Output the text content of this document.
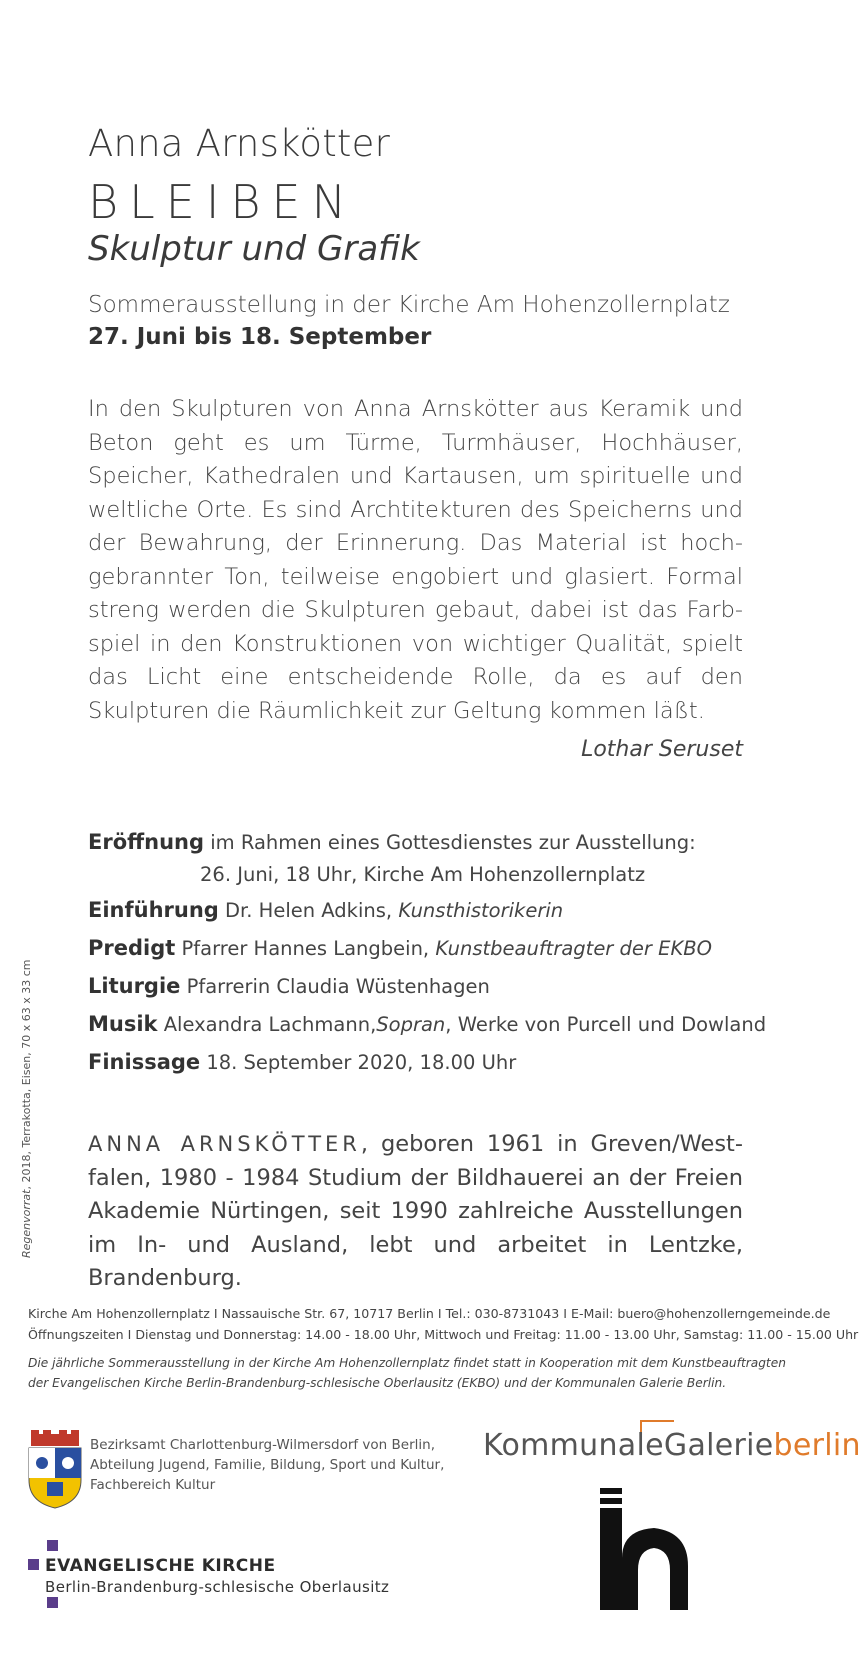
Anna Arnskötter
BLEIBEN
Skulptur und Grafik
Sommerausstellung in der Kirche Am Hohenzollernplatz
27. Juni bis 18. September

In den Skulpturen von Anna Arnskötter aus Keramik und Beton geht es um Türme, Turmhäuser, Hochhäuser, Speicher, Kathedralen und Kartausen, um spirituelle und weltliche Orte. Es sind Archtitekturen des Speicherns und der Bewahrung, der Erinnerung. Das Material ist hochgebrannter Ton, teilweise engobiert und glasiert. Formal streng werden die Skulpturen gebaut, dabei ist das Farbspiel in den Konstruktionen von wichtiger Qualität, spielt das Licht eine entscheidende Rolle, da es auf den Skulpturen die Räumlichkeit zur Geltung kommen läßt.

Lothar Seruset
Eröffnung im Rahmen eines Gottesdienstes zur Ausstellung:
26. Juni, 18 Uhr, Kirche Am Hohenzollernplatz
Einführung Dr. Helen Adkins, Kunsthistorikerin
Predigt Pfarrer Hannes Langbein, Kunstbeauftragter der EKBO
Liturgie Pfarrerin Claudia Wüstenhagen
Musik Alexandra Lachmann,Sopran, Werke von Purcell und Dowland
Finissage 18. September 2020, 18.00 Uhr

ANNA ARNSKÖTTER, geboren 1961 in Greven/Westfalen, 1980 - 1984 Studium der Bildhauerei an der Freien Akademie Nürtingen, seit 1990 zahlreiche Ausstellungen im In- und Ausland, lebt und arbeitet in Lentzke, Brandenburg.

Regenvorrat, 2018, Terrakotta, Eisen, 70 x 63 x 33 cm
Kirche Am Hohenzollernplatz I Nassauische Str. 67, 10717 Berlin I Tel.: 030-8731043 I E-Mail: buero@hohenzollerngemeinde.de
Öffnungszeiten I Dienstag und Donnerstag: 14.00 - 18.00 Uhr, Mittwoch und Freitag: 11.00 - 13.00 Uhr, Samstag: 11.00 - 15.00 Uhr
Die jährliche Sommerausstellung in der Kirche Am Hohenzollernplatz findet statt in Kooperation mit dem Kunstbeauftragten der Evangelischen Kirche Berlin-Brandenburg-schlesische Oberlausitz (EKBO) und der Kommunalen Galerie Berlin.
Bezirksamt Charlottenburg-Wilmersdorf von Berlin,
Abteilung Jugend, Familie, Bildung, Sport und Kultur,
Fachbereich Kultur
KommunaleGalerieberlin
EVANGELISCHE KIRCHE
Berlin-Brandenburg-schlesische Oberlausitz
